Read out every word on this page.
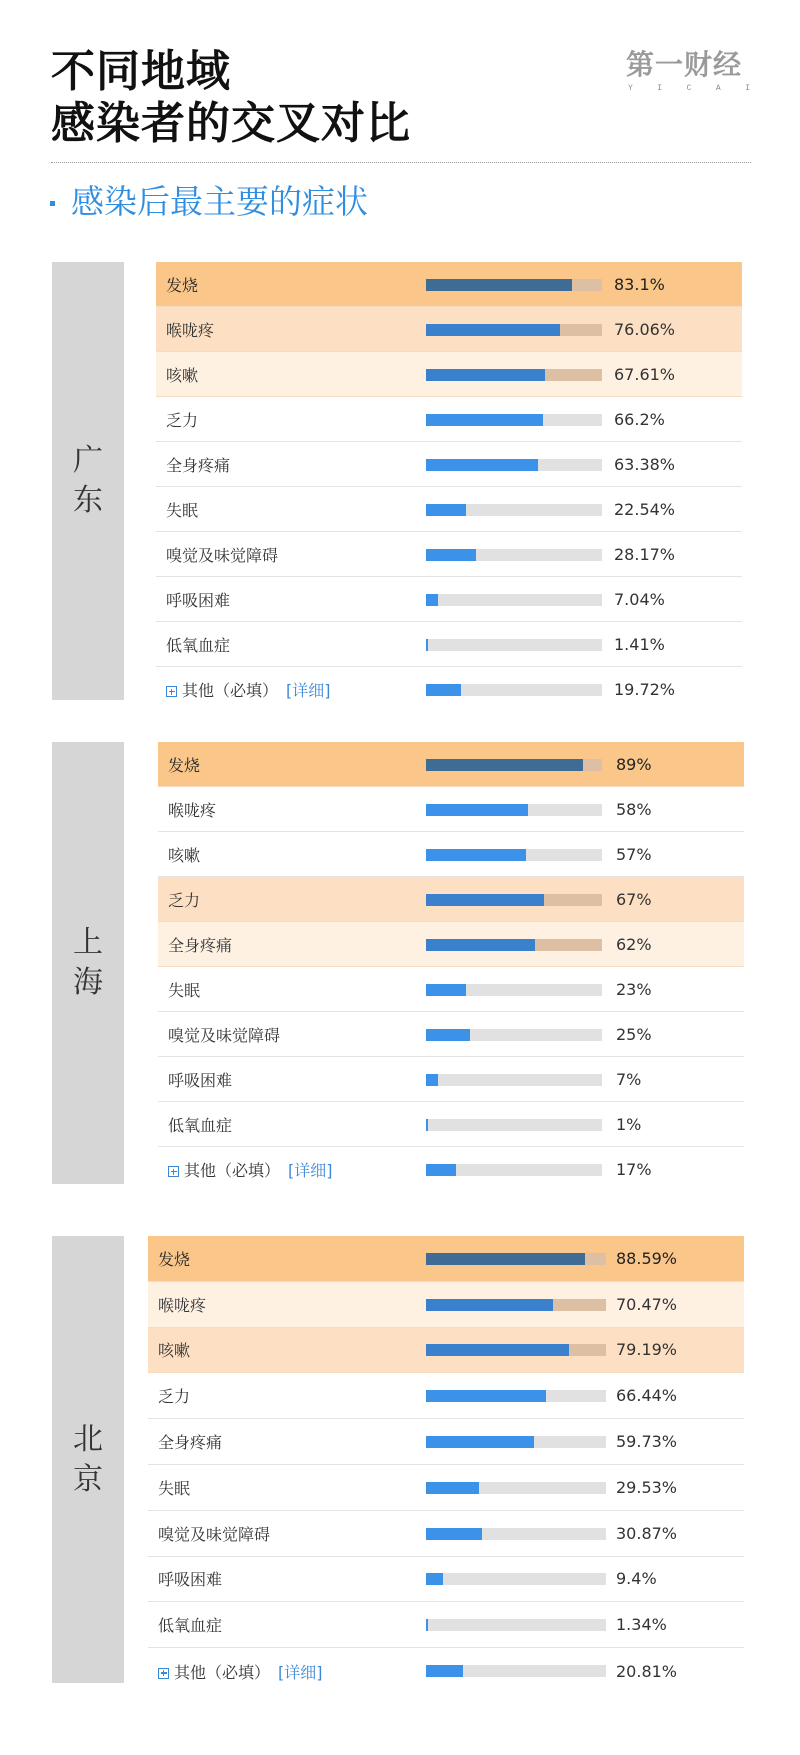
不同地域
感染者的交叉对比
第一财经
Y	I	C	A	I
感染后最主要的症状
广
东
发烧	83.1%
喉咙疼	76.06%
咳嗽	67.61%
乏力	66.2%
全身疼痛	63.38%
失眠	22.54%
嗅觉及味觉障碍	28.17%
呼吸困难	7.04%
低氧血症	1.41%
其他（必填） [详细]	19.72%
上
海
发烧	89%
喉咙疼	58%
咳嗽	57%
乏力	67%
全身疼痛	62%
失眠	23%
嗅觉及味觉障碍	25%
呼吸困难	7%
低氧血症	1%
其他（必填） [详细]	17%
北
京
发烧	88.59%
喉咙疼	70.47%
咳嗽	79.19%
乏力	66.44%
全身疼痛	59.73%
失眠	29.53%
嗅觉及味觉障碍	30.87%
呼吸困难	9.4%
低氧血症	1.34%
其他（必填） [详细]	20.81%
